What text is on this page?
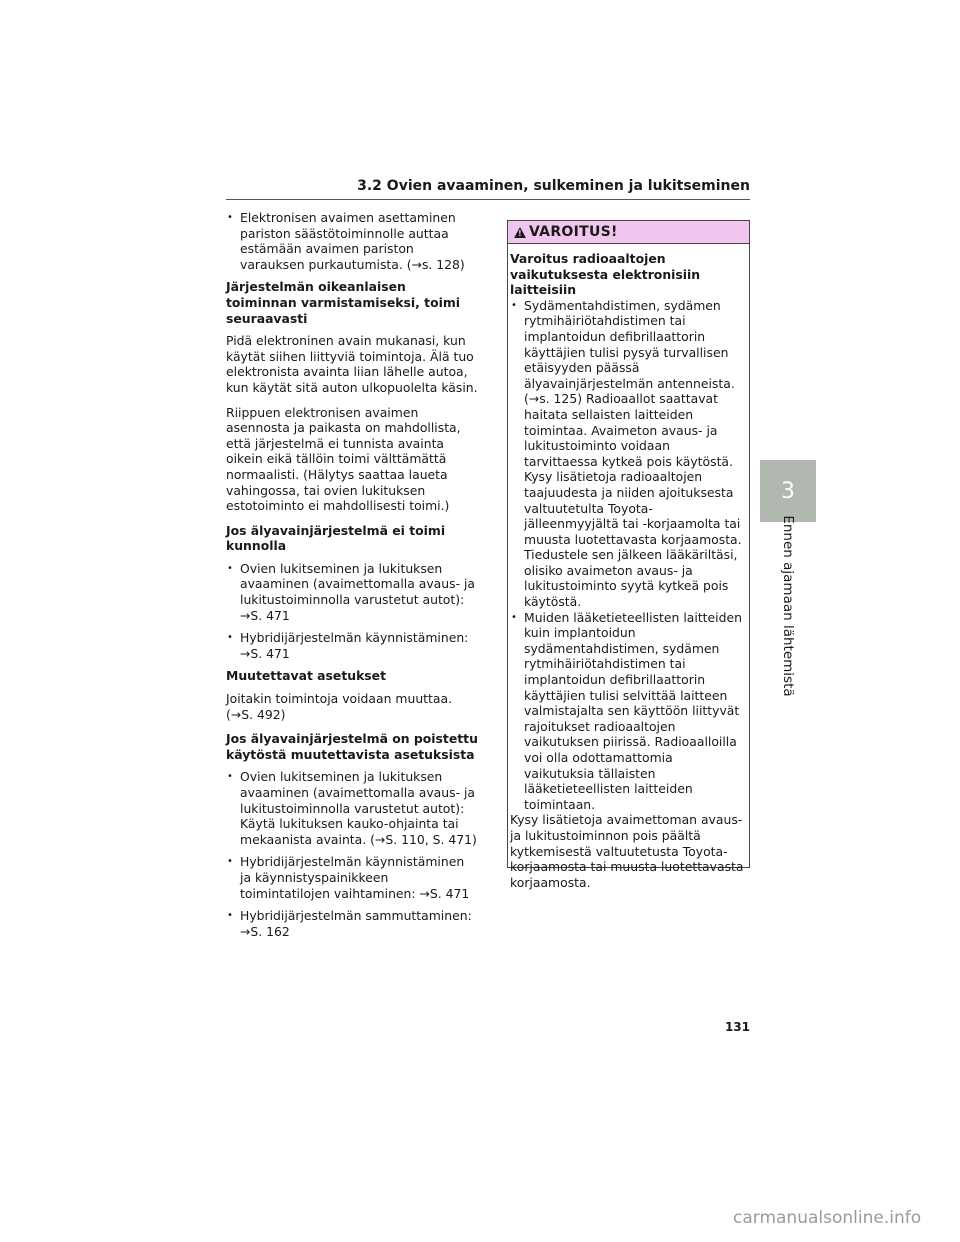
3.2 Ovien avaaminen, sulkeminen ja lukitseminen
• Elektronisen avaimen asettaminen pariston säästötoiminnolle auttaa estämään avaimen pariston varauksen purkautumista. (→s. 128)

Järjestelmän oikeanlaisen toiminnan varmistamiseksi, toimi seuraavasti

Pidä elektroninen avain mukanasi, kun käytät siihen liittyviä toimintoja. Älä tuo elektronista avainta liian lähelle autoa, kun käytät sitä auton ulkopuolelta käsin.

Riippuen elektronisen avaimen asennosta ja paikasta on mahdollista, että järjestelmä ei tunnista avainta oikein eikä tällöin toimi välttämättä normaalisti. (Hälytys saattaa laueta vahingossa, tai ovien lukituksen estotoiminto ei mahdollisesti toimi.)

Jos älyavainjärjestelmä ei toimi kunnolla

• Ovien lukitseminen ja lukituksen avaaminen (avaimettomalla avaus- ja lukitustoiminnolla varustetut autot): →S. 471
• Hybridijärjestelmän käynnistäminen: →S. 471

Muutettavat asetukset

Joitakin toimintoja voidaan muuttaa. (→S. 492)

Jos älyavainjärjestelmä on poistettu käytöstä muutettavista asetuksista

• Ovien lukitseminen ja lukituksen avaaminen (avaimettomalla avaus- ja lukitustoiminnolla varustetut autot): Käytä lukituksen kauko-ohjainta tai mekaanista avainta. (→S. 110, S. 471)
• Hybridijärjestelmän käynnistäminen ja käynnistyspainikkeen toimintatilojen vaihtaminen: →S. 471
• Hybridijärjestelmän sammuttaminen: →S. 162
!
VAROITUS!

Varoitus radioaaltojen vaikutuksesta elektronisiin laitteisiin

• Sydämentahdistimen, sydämen rytmihäiriötahdistimen tai implantoidun defibrillaattorin käyttäjien tulisi pysyä turvallisen etäisyyden päässä älyavainjärjestelmän antenneista. (→s. 125) Radioaallot saattavat haitata sellaisten laitteiden toimintaa. Avaimeton avaus- ja lukitustoiminto voidaan tarvittaessa kytkeä pois käytöstä. Kysy lisätietoja radioaaltojen taajuudesta ja niiden ajoituksesta valtuutetulta Toyota-jälleenmyyjältä tai -korjaamolta tai muusta luotettavasta korjaamosta. Tiedustele sen jälkeen lääkäriltäsi, olisiko avaimeton avaus- ja lukitustoiminto syytä kytkeä pois käytöstä.
• Muiden lääketieteellisten laitteiden kuin implantoidun sydämentahdistimen, sydämen rytmihäiriötahdistimen tai implantoidun defibrillaattorin käyttäjien tulisi selvittää laitteen valmistajalta sen käyttöön liittyvät rajoitukset radioaaltojen vaikutuksen piirissä. Radioaalloilla voi olla odottamattomia vaikutuksia tällaisten lääketieteellisten laitteiden toimintaan.

Kysy lisätietoja avaimettoman avaus- ja lukitustoiminnon pois päältä kytkemisestä valtuutetusta Toyota-korjaamosta tai muusta luotettavasta korjaamosta.

3
Ennen ajamaan lähtemistä
131
carmanualsonline.info
